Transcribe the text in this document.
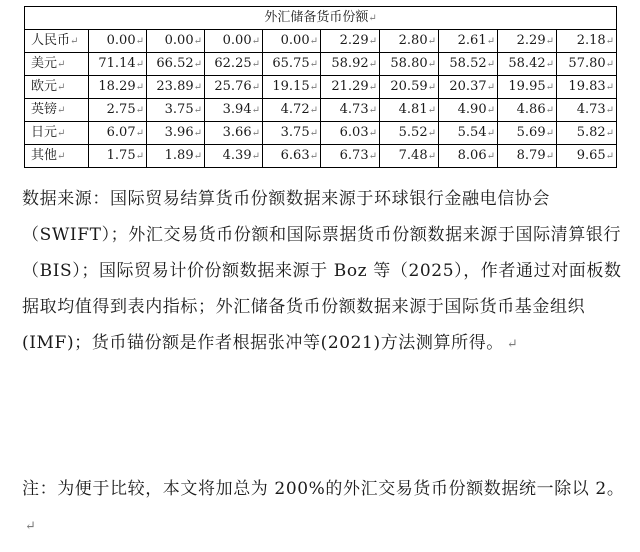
外汇储备货币份额↵									
人民币↵	0.00↵	0.00↵	0.00↵	0.00↵	2.29↵	2.80↵	2.61↵	2.29↵	2.18↵
美元↵	71.14↵	66.52↵	62.25↵	65.75↵	58.92↵	58.80↵	58.52↵	58.42↵	57.80↵
欧元↵	18.29↵	23.89↵	25.76↵	19.15↵	21.29↵	20.59↵	20.37↵	19.95↵	19.83↵
英镑↵	2.75↵	3.75↵	3.94↵	4.72↵	4.73↵	4.81↵	4.90↵	4.86↵	4.73↵
日元↵	6.07↵	3.96↵	3.66↵	3.75↵	6.03↵	5.52↵	5.54↵	5.69↵	5.82↵
其他↵	1.75↵	1.89↵	4.39↵	6.63↵	6.73↵	7.48↵	8.06↵	8.79↵	9.65↵

数据来源：国际贸易结算货币份额数据来源于环球银行金融电信协会（SWIFT）；外汇交易货币份额和国际票据货币份额数据来源于国际清算银行（BIS）；国际贸易计价份额数据来源于 Boz 等（2025），作者通过对面板数据取均值得到表内指标；外汇储备货币份额数据来源于国际货币基金组织(IMF)；货币锚份额是作者根据张冲等(2021)方法测算所得。 ↵

注：为便于比较，本文将加总为 200%的外汇交易货币份额数据统一除以 2。↵
